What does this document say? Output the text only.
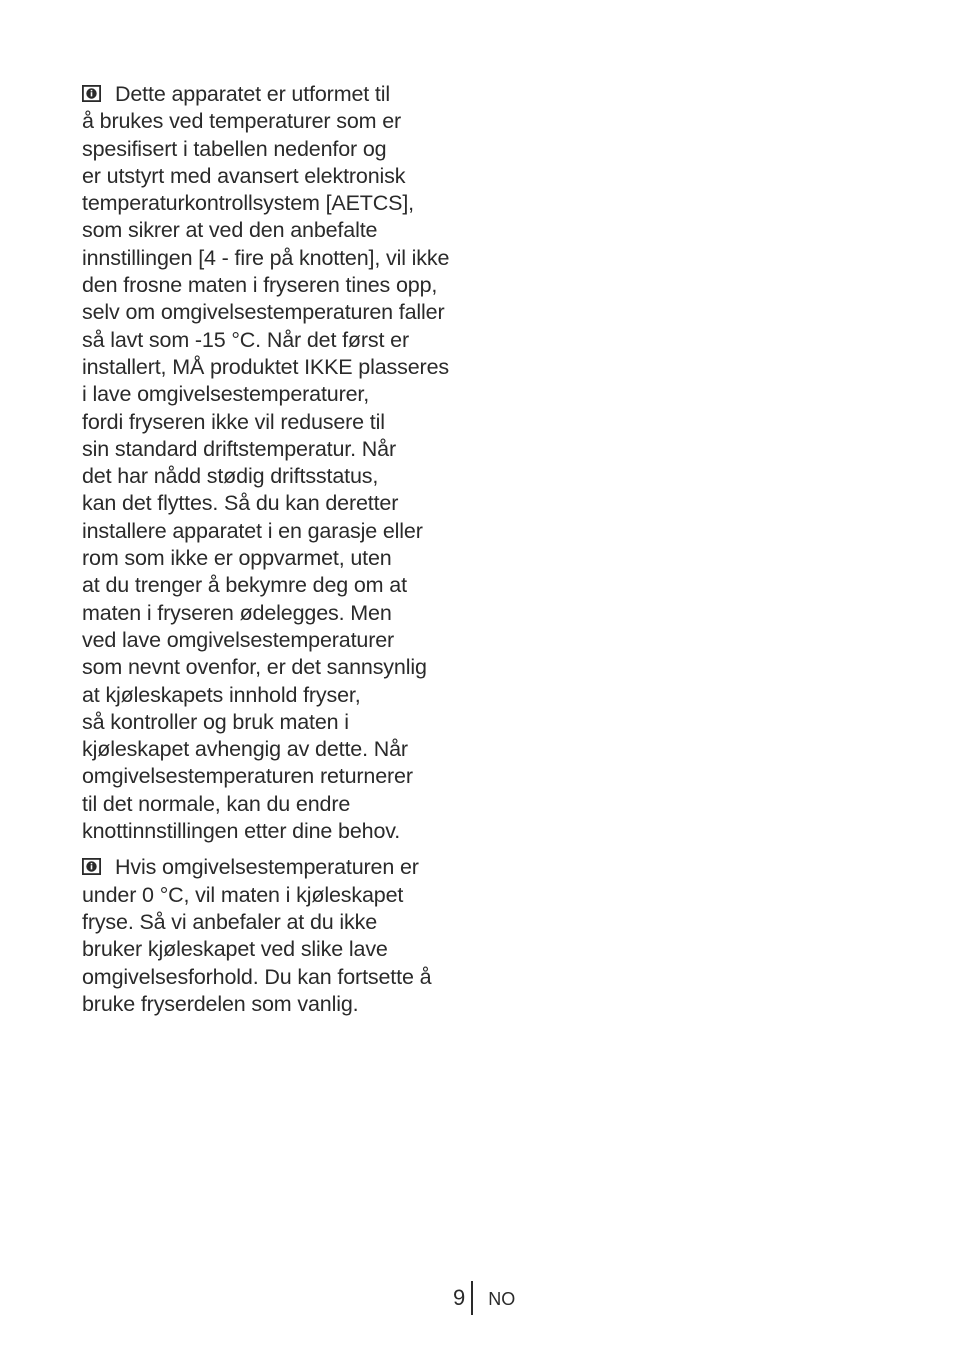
Dette apparatet er utformet til
å brukes ved temperaturer som er
spesifisert i tabellen nedenfor og
er utstyrt med avansert elektronisk
temperaturkontrollsystem [AETCS],
som sikrer at ved den anbefalte
innstillingen [4 - fire på knotten], vil ikke
den frosne maten i fryseren tines opp,
selv om omgivelsestemperaturen faller
så lavt som -15 °C. Når det først er
installert, MÅ produktet IKKE plasseres
i lave omgivelsestemperaturer,
fordi fryseren ikke vil redusere til
sin standard driftstemperatur. Når
det har nådd stødig driftsstatus,
kan det flyttes. Så du kan deretter
installere apparatet i en garasje eller
rom som ikke er oppvarmet, uten
at du trenger å bekymre deg om at
maten i fryseren ødelegges. Men
ved lave omgivelsestemperaturer
som nevnt ovenfor, er det sannsynlig
at kjøleskapets innhold fryser,
så kontroller og bruk maten i
kjøleskapet avhengig av dette. Når
omgivelsestemperaturen returnerer
til det normale, kan du endre
knottinnstillingen etter dine behov.

Hvis omgivelsestemperaturen er
under 0 °C, vil maten i kjøleskapet
fryse. Så vi anbefaler at du ikke
bruker kjøleskapet ved slike lave
omgivelsesforhold. Du kan fortsette å
bruke fryserdelen som vanlig.

9	NO
